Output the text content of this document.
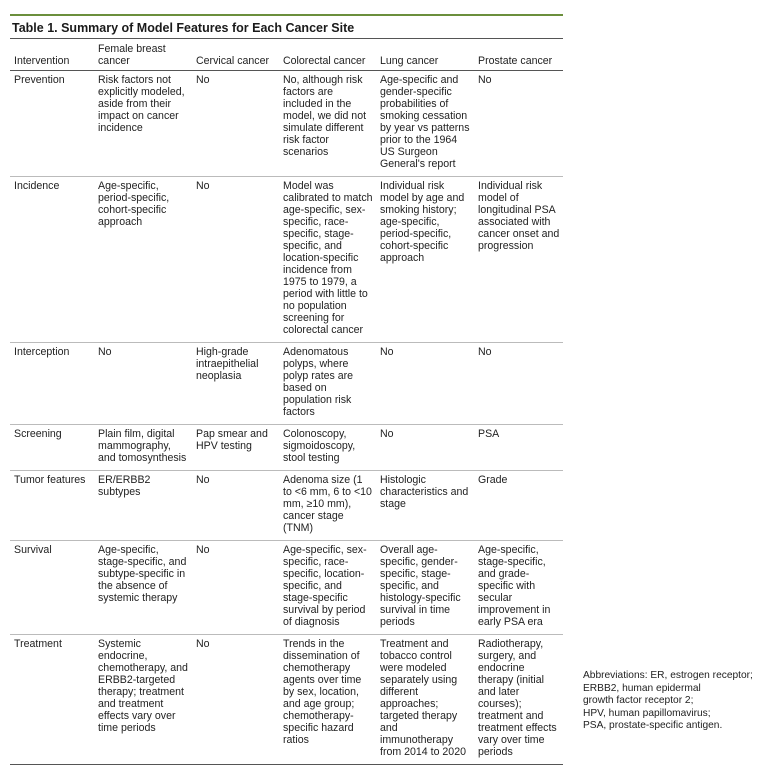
Table 1. Summary of Model Features for Each Cancer Site
Intervention	Female breast cancer	Cervical cancer	Colorectal cancer	Lung cancer	Prostate cancer
Prevention	Risk factors not explicitly modeled, aside from their impact on cancer incidence	No	No, although risk factors are included in the model, we did not simulate different risk factor scenarios	Age-specific and gender-specific probabilities of smoking cessation by year vs patterns prior to the 1964 US Surgeon General's report	No
Incidence	Age-specific, period-specific, cohort-specific approach	No	Model was calibrated to match age-specific, sex-specific, race-specific, stage-specific, and location-specific incidence from 1975 to 1979, a period with little to no population screening for colorectal cancer	Individual risk model by age and smoking history; age-specific, period-specific, cohort-specific approach	Individual risk model of longitudinal PSA associated with cancer onset and progression
Interception	No	High-grade intraepithelial neoplasia	Adenomatous polyps, where polyp rates are based on population risk factors	No	No
Screening	Plain film, digital mammography, and tomosynthesis	Pap smear and HPV testing	Colonoscopy, sigmoidoscopy, stool testing	No	PSA
Tumor features	ER/ERBB2 subtypes	No	Adenoma size (1 to <6 mm, 6 to <10 mm, ≥10 mm), cancer stage (TNM)	Histologic characteristics and stage	Grade
Survival	Age-specific, stage-specific, and subtype-specific in the absence of systemic therapy	No	Age-specific, sex-specific, race-specific, location-specific, and stage-specific survival by period of diagnosis	Overall age-specific, gender-specific, stage-specific, and histology-specific survival in time periods	Age-specific, stage-specific, and grade-specific with secular improvement in early PSA era
Treatment	Systemic endocrine, chemotherapy, and ERBB2-targeted therapy; treatment and treatment effects vary over time periods	No	Trends in the dissemination of chemotherapy agents over time by sex, location, and age group; chemotherapy-specific hazard ratios	Treatment and tobacco control were modeled separately using different approaches; targeted therapy and immunotherapy from 2014 to 2020	Radiotherapy, surgery, and endocrine therapy (initial and later courses); treatment and treatment effects vary over time periods
Abbreviations: ER, estrogen receptor;
ERBB2, human epidermal
growth factor receptor 2;
HPV, human papillomavirus;
PSA, prostate-specific antigen.
